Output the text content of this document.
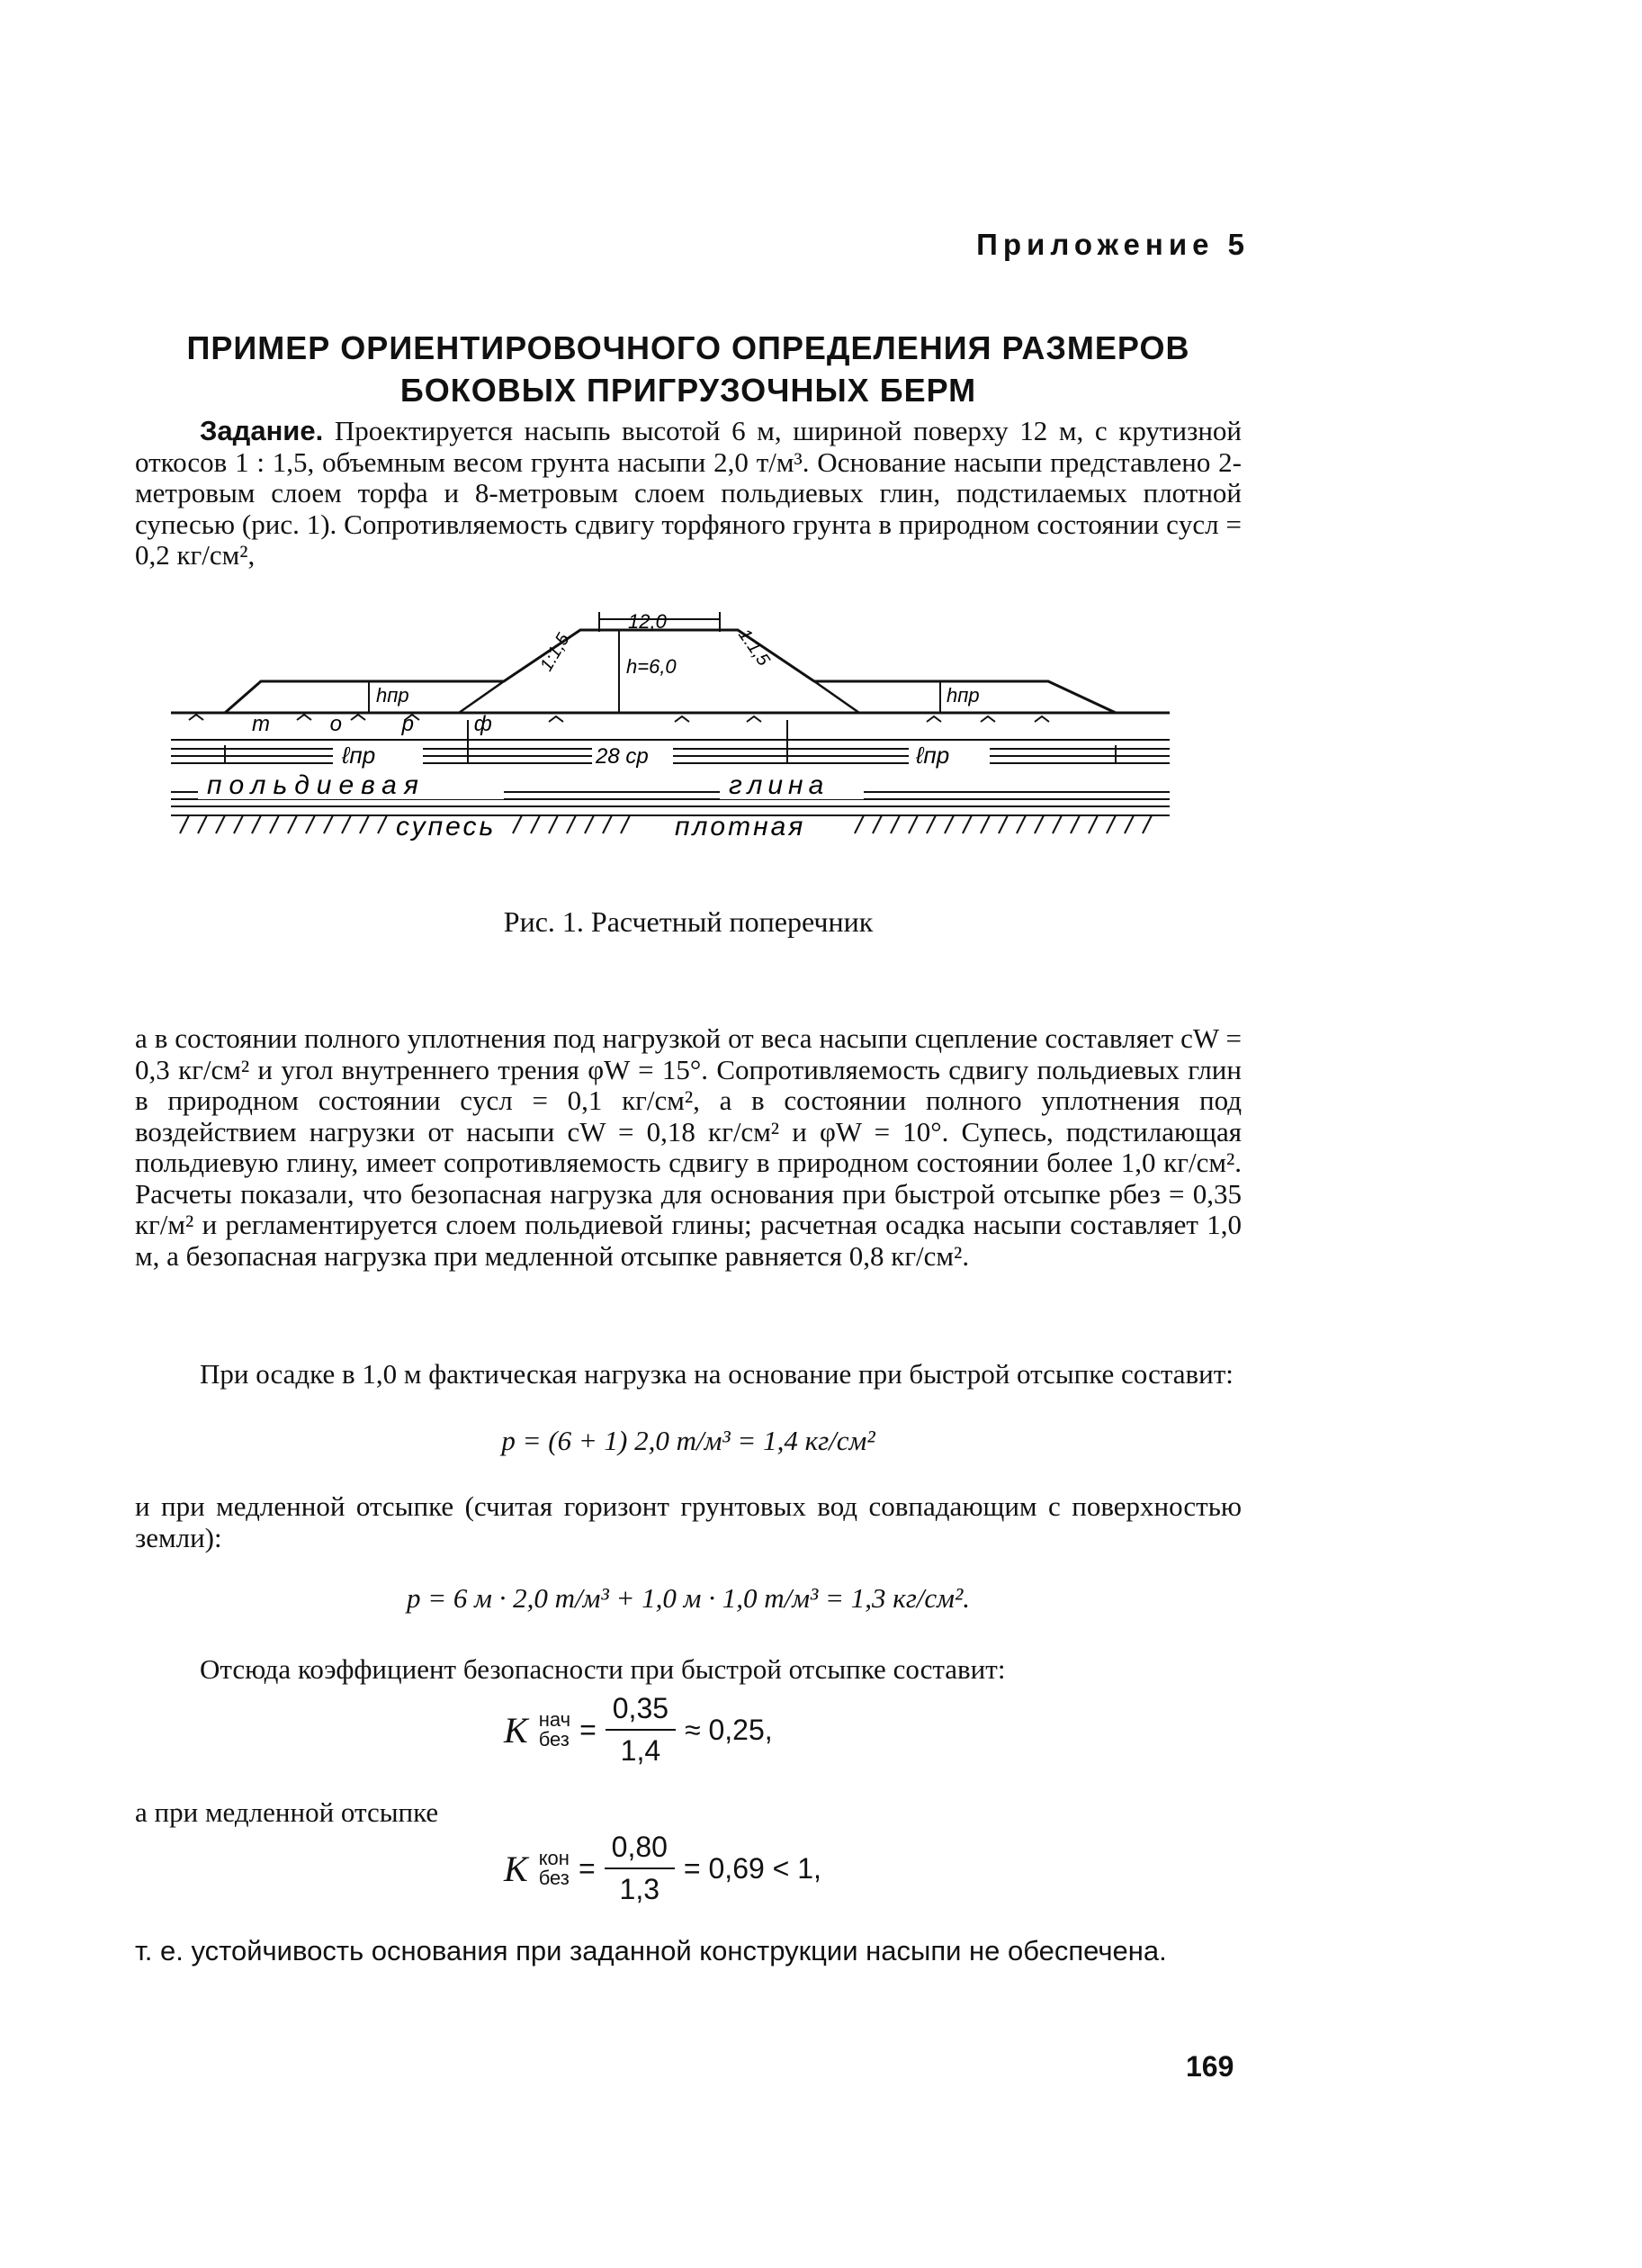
Приложение 5
ПРИМЕР ОРИЕНТИРОВОЧНОГО ОПРЕДЕЛЕНИЯ РАЗМЕРОВ
БОКОВЫХ ПРИГРУЗОЧНЫХ БЕРМ
Задание. Проектируется насыпь высотой 6 м, шириной поверху 12 м, с крутизной откосов 1 : 1,5, объемным весом грунта насыпи 2,0 т/м³. Основание насыпи представлено 2-метровым слоем торфа и 8-метровым слоем польдиевых глин, подстилаемых плотной супесью (рис. 1). Сопротивляемость сдвигу торфяного грунта в природном состоянии cусл = 0,2 кг/см²,
12,0
1:1,5	1:1,5
h=6,0
hпр	hпр
т о р ф
ℓпр	28 ср	ℓпр
польдиевая	глина
супесь	плотная
Рис. 1. Расчетный поперечник
а в состоянии полного уплотнения под нагрузкой от веса насыпи сцепление составляет cW = 0,3 кг/см² и угол внутреннего трения φW = 15°. Сопротивляемость сдвигу польдиевых глин в природном состоянии cусл = 0,1 кг/см², а в состоянии полного уплотнения под воздействием нагрузки от насыпи cW = 0,18 кг/см² и φW = 10°. Супесь, подстилающая польдиевую глину, имеет сопротивляемость сдвигу в природном состоянии более 1,0 кг/см². Расчеты показали, что безопасная нагрузка для основания при быстрой отсыпке pбез = 0,35 кг/м² и регламентируется слоем польдиевой глины; расчетная осадка насыпи составляет 1,0 м, а безопасная нагрузка при медленной отсыпке равняется 0,8 кг/см².
При осадке в 1,0 м фактическая нагрузка на основание при быстрой отсыпке составит:
p = (6 + 1) 2,0 т/м³ = 1,4 кг/см²
и при медленной отсыпке (считая горизонт грунтовых вод совпадающим с поверхностью земли):
p = 6 м · 2,0 т/м³ + 1,0 м · 1,0 т/м³ = 1,3 кг/см².
Отсюда коэффициент безопасности при быстрой отсыпке составит:
K нач
без = $\frac{0,35}{1,4} \approx 0,25$,
а при медленной отсыпке
K кон
без = $\frac{0,80}{1,3} = 0,69 < 1$,
т. е. устойчивость основания при заданной конструкции насыпи не обеспечена.
169
